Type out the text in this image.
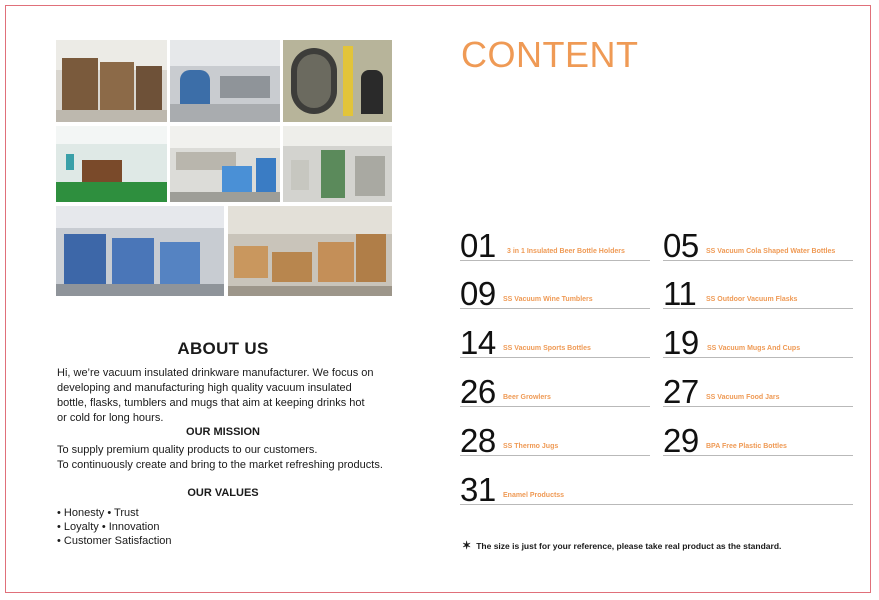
ABOUT US
Hi, we’re vacuum insulated drinkware manufacturer. We focus on developing and manufacturing high quality vacuum insulated bottle, flasks, tumblers and mugs that aim at keeping drinks hot or cold for long hours.
OUR MISSION
To supply premium quality products to our customers.
To continuously create and bring to the market refreshing products.
OUR VALUES
• Honesty • Trust
• Loyalty • Innovation
• Customer Satisfaction
CONTENT
01 3 in 1 Insulated Beer Bottle Holders
09 SS Vacuum Wine Tumblers
14 SS Vacuum Sports Bottles
26 Beer Growlers
28 SS Thermo Jugs
31 Enamel Productss
05 SS Vacuum Cola Shaped Water Bottles
11 SS Outdoor Vacuum Flasks
19 SS Vacuum Mugs And Cups
27 SS Vacuum Food Jars
29 BPA Free Plastic Bottles
✶ The size is just for your reference, please take real product as the standard.
